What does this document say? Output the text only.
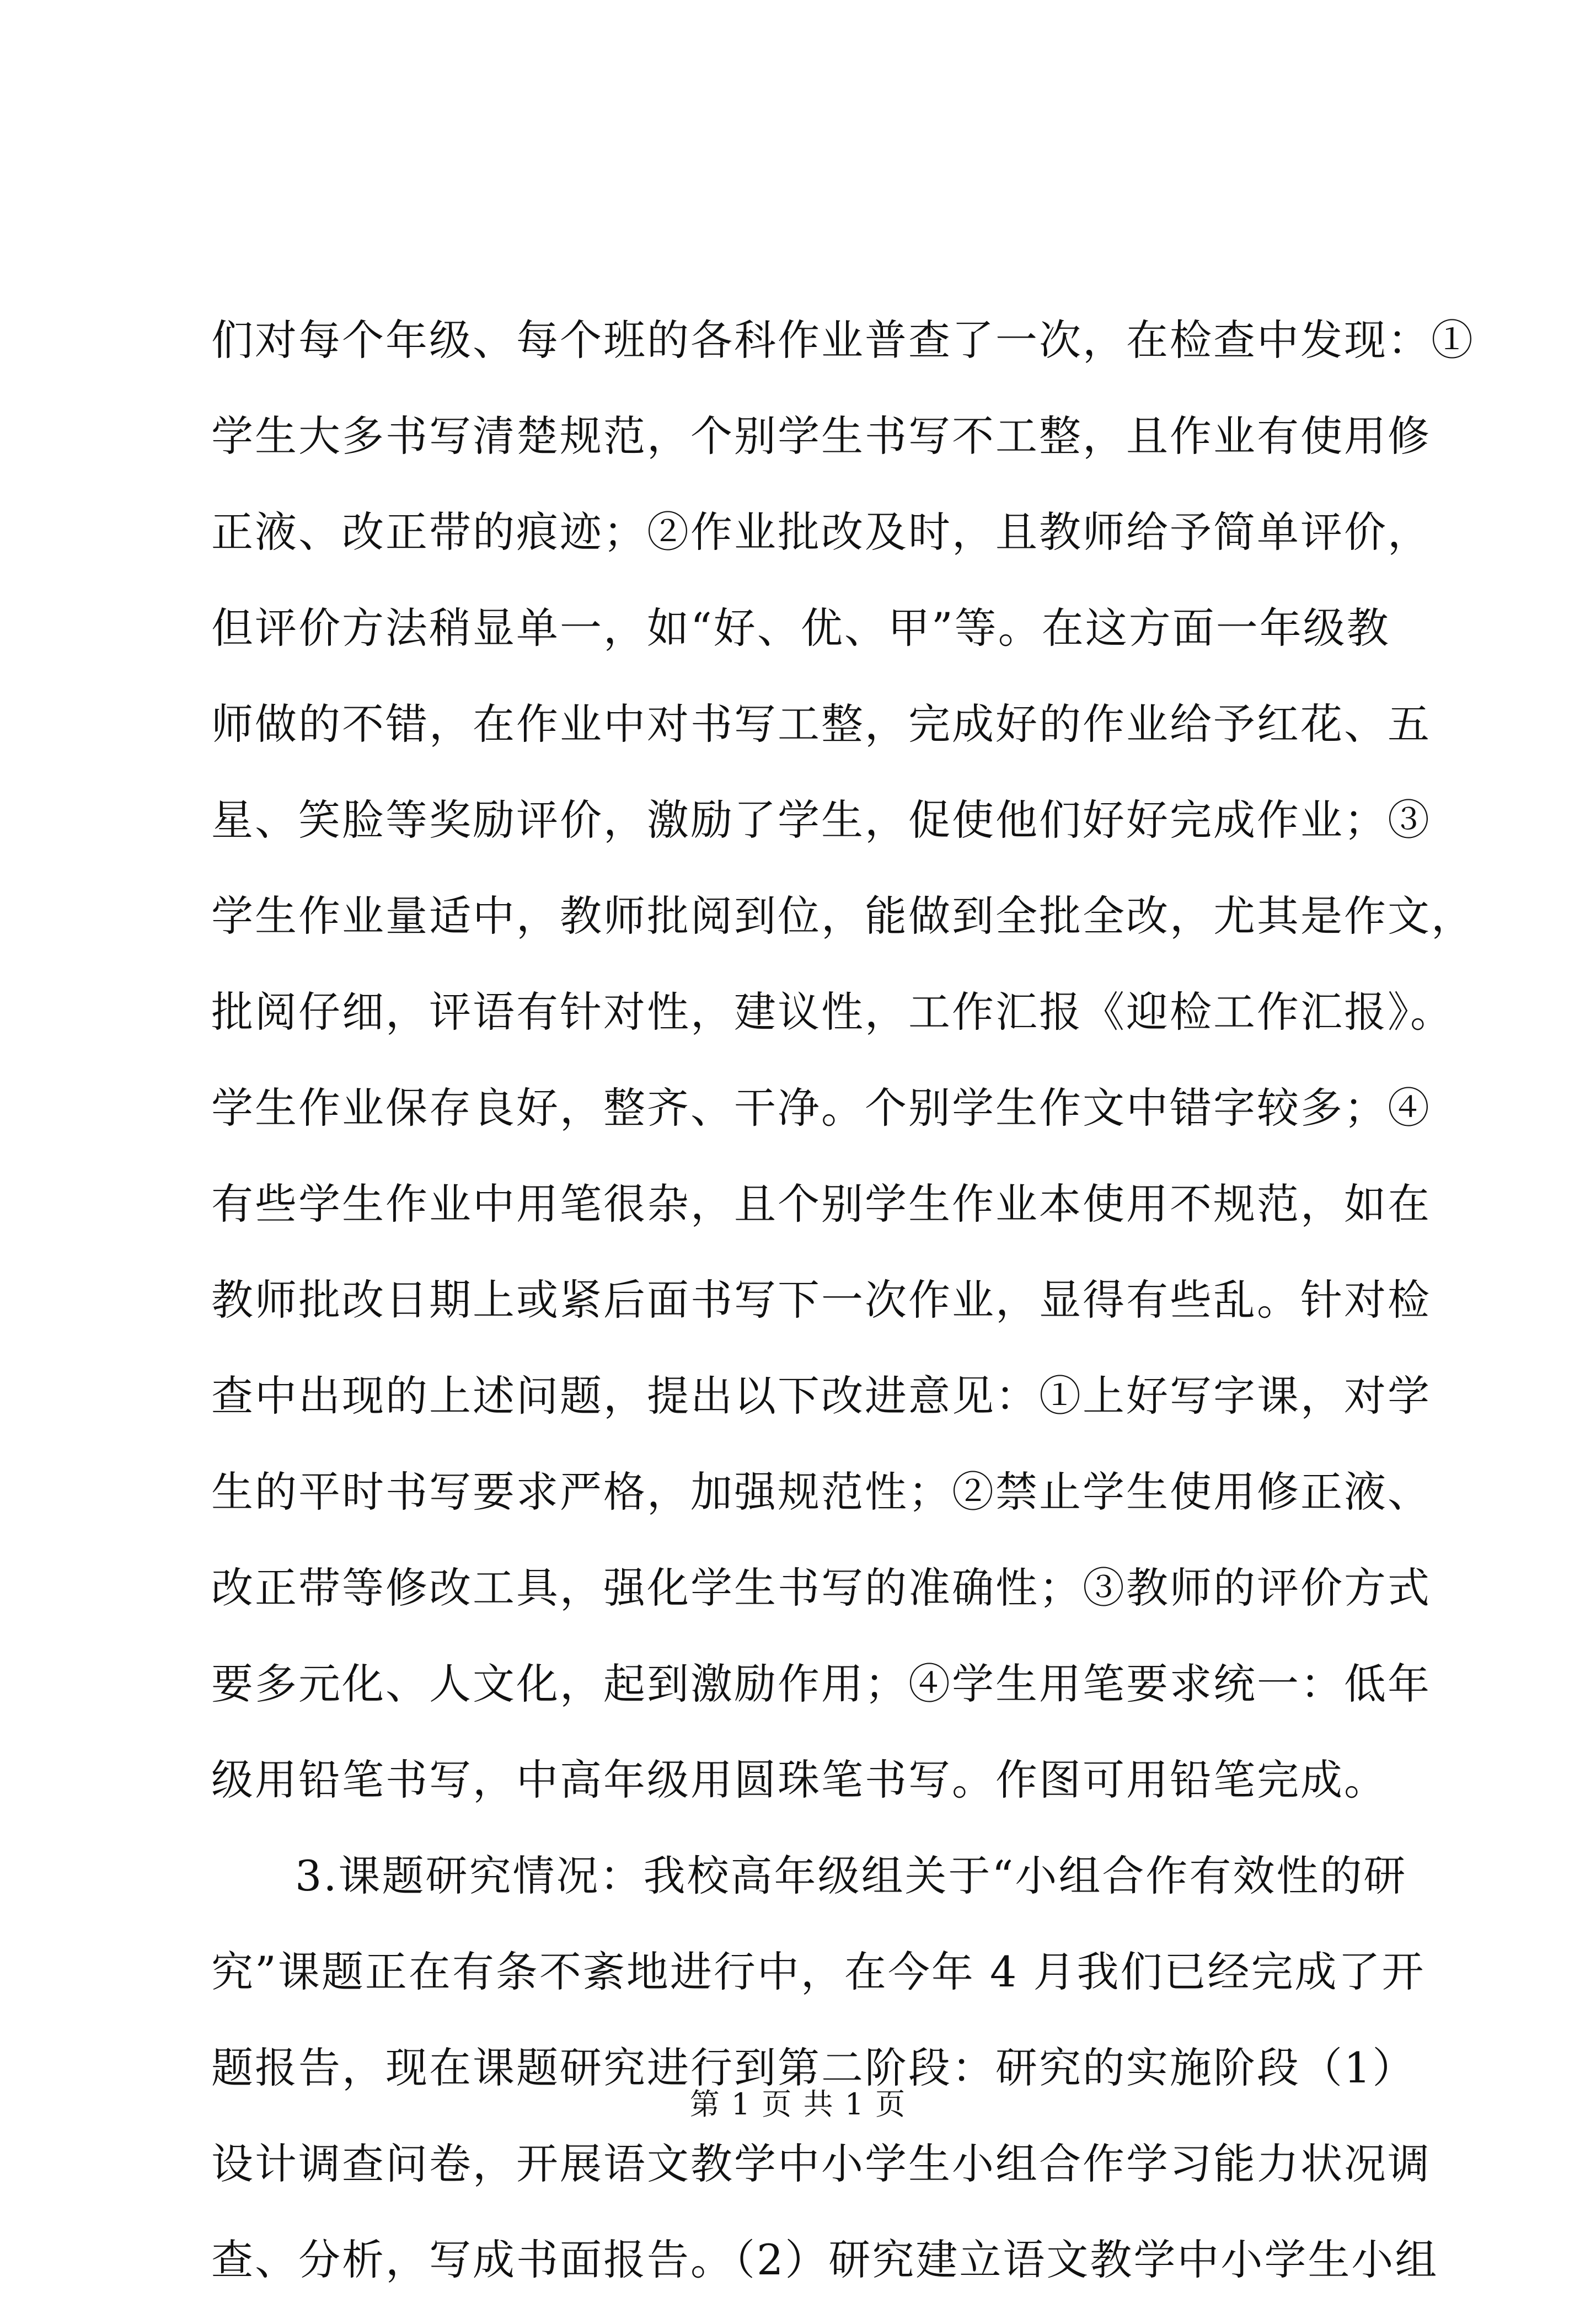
们对每个年级、每个班的各科作业普查了一次，在检查中发现：①
学生大多书写清楚规范，个别学生书写不工整，且作业有使用修
正液、改正带的痕迹；②作业批改及时，且教师给予简单评价，
但评价方法稍显单一，如“好、优、甲”等。在这方面一年级教
师做的不错，在作业中对书写工整，完成好的作业给予红花、五
星、笑脸等奖励评价，激励了学生，促使他们好好完成作业；③
学生作业量适中，教师批阅到位，能做到全批全改，尤其是作文，
批阅仔细，评语有针对性，建议性，工作汇报《迎检工作汇报》。
学生作业保存良好，整齐、干净。个别学生作文中错字较多；④
有些学生作业中用笔很杂，且个别学生作业本使用不规范，如在
教师批改日期上或紧后面书写下一次作业，显得有些乱。针对检
查中出现的上述问题，提出以下改进意见：①上好写字课，对学
生的平时书写要求严格，加强规范性；②禁止学生使用修正液、
改正带等修改工具，强化学生书写的准确性；③教师的评价方式
要多元化、人文化，起到激励作用；④学生用笔要求统一：低年
级用铅笔书写，中高年级用圆珠笔书写。作图可用铅笔完成。
3.课题研究情况：我校高年级组关于“小组合作有效性的研
究”课题正在有条不紊地进行中，在今年 4 月我们已经完成了开
题报告，现在课题研究进行到第二阶段：研究的实施阶段（1）
设计调查问卷，开展语文教学中小学生小组合作学习能力状况调
查、分析，写成书面报告。（2）研究建立语文教学中小学生小组
第 1 页 共 1 页
